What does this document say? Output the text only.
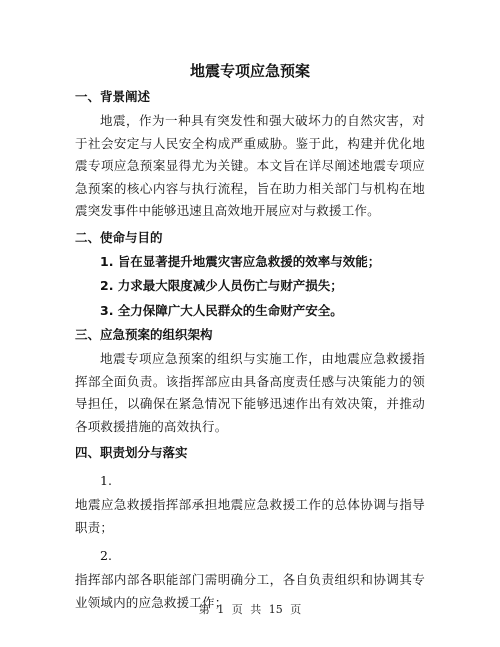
地震专项应急预案
一、背景阐述
地震，作为一种具有突发性和强大破坏力的自然灾害，对于社会安定与人民安全构成严重威胁。鉴于此，构建并优化地震专项应急预案显得尤为关键。本文旨在详尽阐述地震专项应急预案的核心内容与执行流程，旨在助力相关部门与机构在地震突发事件中能够迅速且高效地开展应对与救援工作。
二、使命与目的
1. 旨在显著提升地震灾害应急救援的效率与效能；
2. 力求最大限度减少人员伤亡与财产损失；
3. 全力保障广大人民群众的生命财产安全。
三、应急预案的组织架构
地震专项应急预案的组织与实施工作，由地震应急救援指挥部全面负责。该指挥部应由具备高度责任感与决策能力的领导担任，以确保在紧急情况下能够迅速作出有效决策，并推动各项救援措施的高效执行。
四、职责划分与落实
1.
地震应急救援指挥部承担地震应急救援工作的总体协调与指导职责；
2.
指挥部内部各职能部门需明确分工，各自负责组织和协调其专业领域内的应急救援工作；
第 1 页 共 15 页
